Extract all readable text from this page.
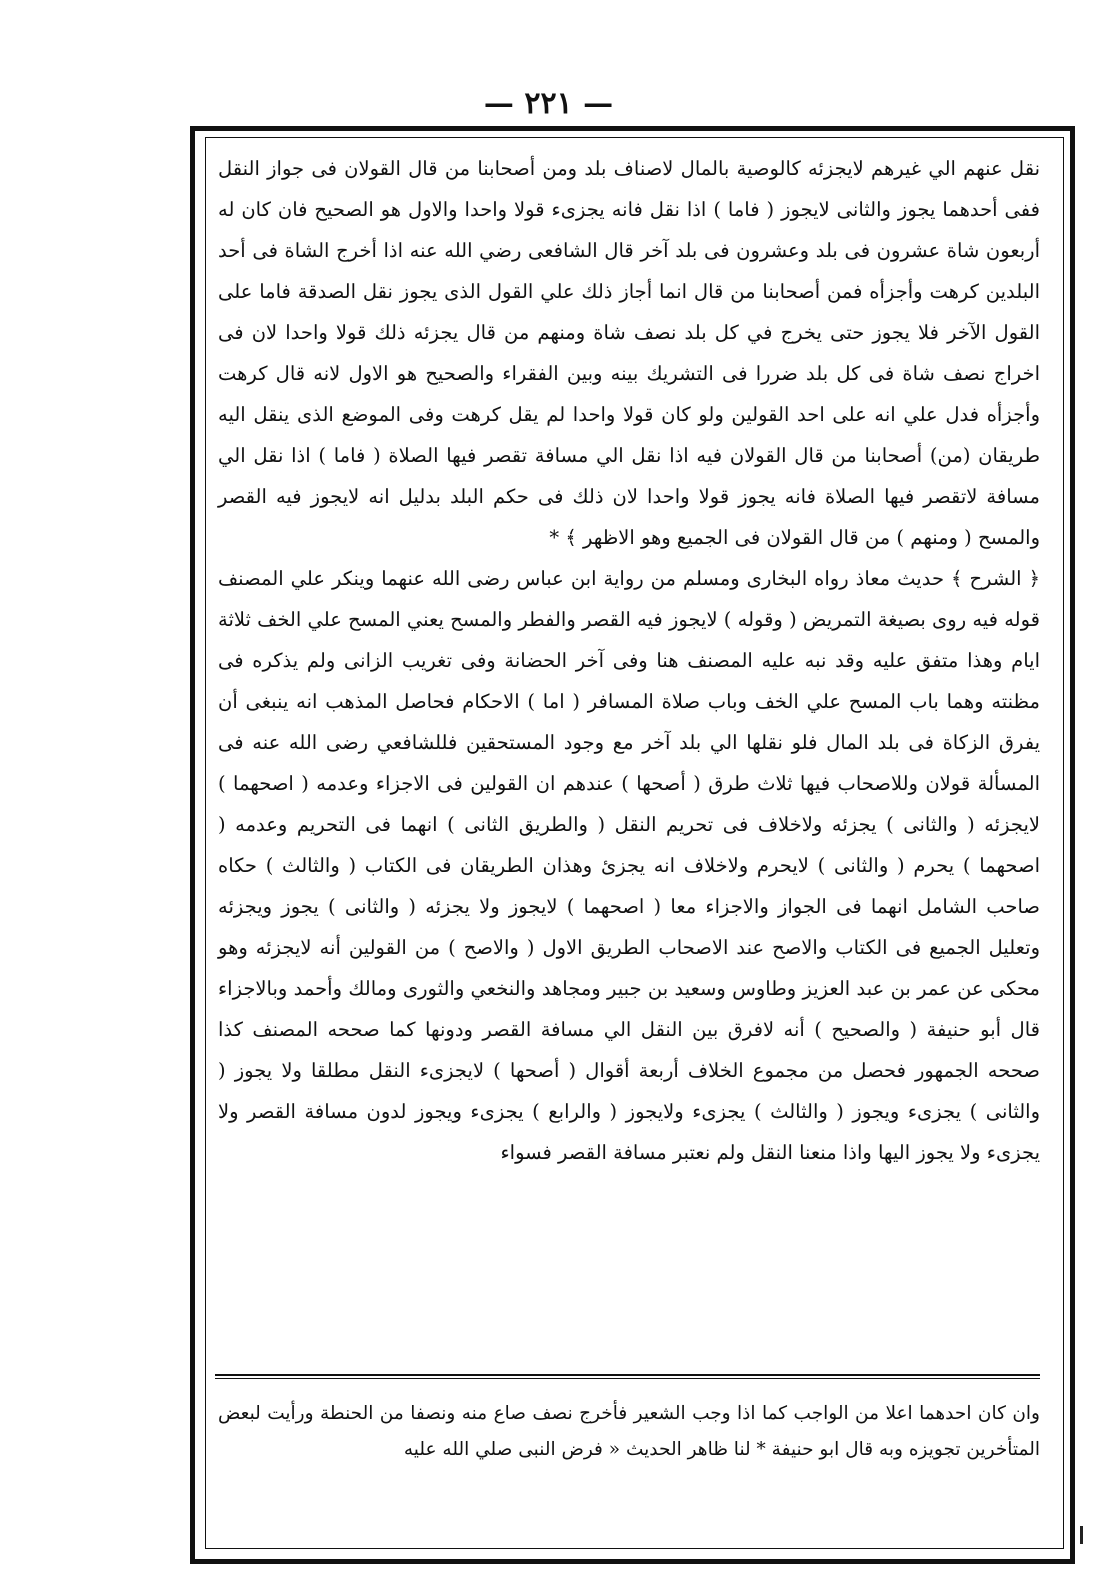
— ٢٢١ —

نقل عنهم الي غيرهم لايجزئه كالوصية بالمال لاصناف بلد ومن أصحابنا من قال القولان فى جواز النقل ففى أحدهما يجوز والثانى لايجوز ( فاما ) اذا نقل فانه يجزىء قولا واحدا والاول هو الصحيح فان كان له أربعون شاة عشرون فى بلد وعشرون فى بلد آخر قال الشافعى رضي الله عنه اذا أخرج الشاة فى أحد البلدين كرهت وأجزأه فمن أصحابنا من قال انما أجاز ذلك علي القول الذى يجوز نقل الصدقة فاما على القول الآخر فلا يجوز حتى يخرج في كل بلد نصف شاة ومنهم من قال يجزئه ذلك قولا واحدا لان فى اخراج نصف شاة فى كل بلد ضررا فى التشريك بينه وبين الفقراء والصحيح هو الاول لانه قال كرهت وأجزأه فدل علي انه على احد القولين ولو كان قولا واحدا لم يقل كرهت وفى الموضع الذى ينقل اليه طريقان (من) أصحابنا من قال القولان فيه اذا نقل الي مسافة تقصر فيها الصلاة ( فاما ) اذا نقل الي مسافة لاتقصر فيها الصلاة فانه يجوز قولا واحدا لان ذلك فى حكم البلد بدليل انه لايجوز فيه القصر والمسح ( ومنهم ) من قال القولان فى الجميع وهو الاظهر ﴾ *

﴿ الشرح ﴾ حديث معاذ رواه البخارى ومسلم من رواية ابن عباس رضى الله عنهما وينكر علي المصنف قوله فيه روى بصيغة التمريض ( وقوله ) لايجوز فيه القصر والفطر والمسح يعني المسح علي الخف ثلاثة ايام وهذا متفق عليه وقد نبه عليه المصنف هنا وفى آخر الحضانة وفى تغريب الزانى ولم يذكره فى مظنته وهما باب المسح علي الخف وباب صلاة المسافر ( اما ) الاحكام فحاصل المذهب انه ينبغى أن يفرق الزكاة فى بلد المال فلو نقلها الي بلد آخر مع وجود المستحقين فللشافعي رضى الله عنه فى المسألة قولان وللاصحاب فيها ثلاث طرق ( أصحها ) عندهم ان القولين فى الاجزاء وعدمه ( اصحهما ) لايجزئه ( والثانى ) يجزئه ولاخلاف فى تحريم النقل ( والطريق الثانى ) انهما فى التحريم وعدمه ( اصحهما ) يحرم ( والثانى ) لايحرم ولاخلاف انه يجزئ وهذان الطريقان فى الكتاب ( والثالث ) حكاه صاحب الشامل انهما فى الجواز والاجزاء معا ( اصحهما ) لايجوز ولا يجزئه ( والثانى ) يجوز ويجزئه وتعليل الجميع فى الكتاب والاصح عند الاصحاب الطريق الاول ( والاصح ) من القولين أنه لايجزئه وهو محكى عن عمر بن عبد العزيز وطاوس وسعيد بن جبير ومجاهد والنخعي والثورى ومالك وأحمد وبالاجزاء قال أبو حنيفة ( والصحيح ) أنه لافرق بين النقل الي مسافة القصر ودونها كما صححه المصنف كذا صححه الجمهور فحصل من مجموع الخلاف أربعة أقوال ( أصحها ) لايجزىء النقل مطلقا ولا يجوز ( والثانى ) يجزىء ويجوز ( والثالث ) يجزىء ولايجوز ( والرابع ) يجزىء ويجوز لدون مسافة القصر ولا يجزىء ولا يجوز اليها واذا منعنا النقل ولم نعتبر مسافة القصر فسواء

وان كان احدهما اعلا من الواجب كما اذا وجب الشعير فأخرج نصف صاع منه ونصفا من الحنطة ورأيت لبعض المتأخرين تجويزه وبه قال ابو حنيفة * لنا ظاهر الحديث « فرض النبى صلي الله عليه
